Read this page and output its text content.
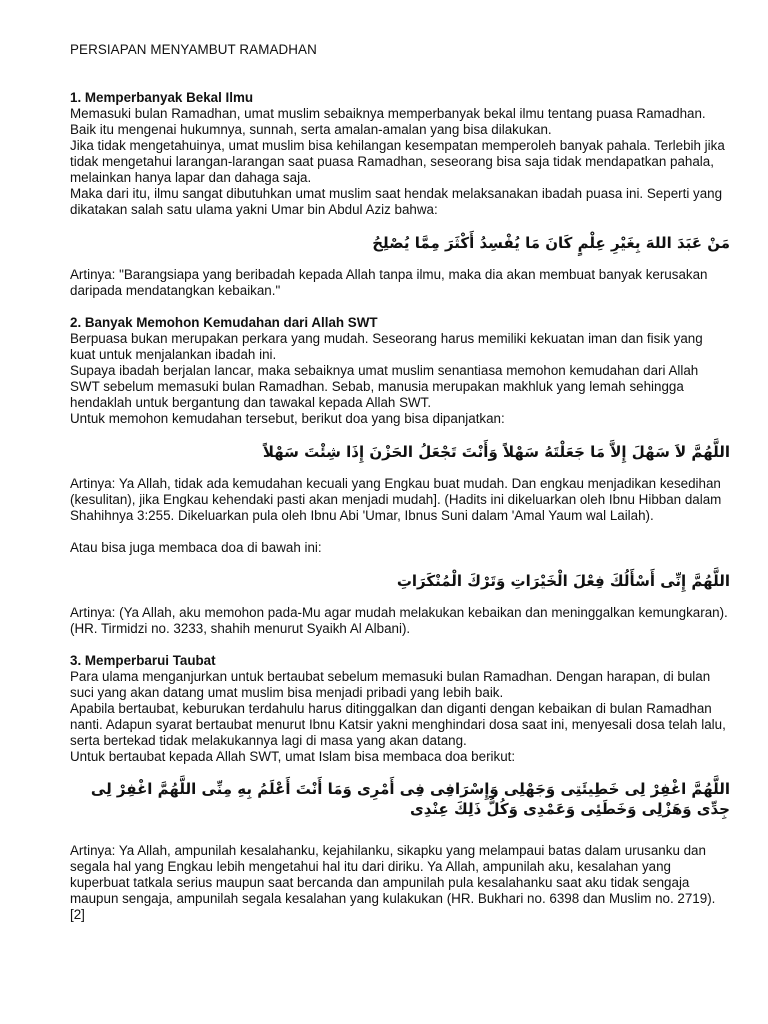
PERSIAPAN MENYAMBUT RAMADHAN

1. Memperbanyak Bekal Ilmu

Memasuki bulan Ramadhan, umat muslim sebaiknya memperbanyak bekal ilmu tentang puasa Ramadhan. Baik itu mengenai hukumnya, sunnah, serta amalan-amalan yang bisa dilakukan.

Jika tidak mengetahuinya, umat muslim bisa kehilangan kesempatan memperoleh banyak pahala. Terlebih jika tidak mengetahui larangan-larangan saat puasa Ramadhan, seseorang bisa saja tidak mendapatkan pahala, melainkan hanya lapar dan dahaga saja.

Maka dari itu, ilmu sangat dibutuhkan umat muslim saat hendak melaksanakan ibadah puasa ini. Seperti yang dikatakan salah satu ulama yakni Umar bin Abdul Aziz bahwa:

مَنْ عَبَدَ اللهَ بِغَيْرِ عِلْمٍ كَانَ مَا يُفْسِدُ أَكْثَرَ مِمَّا يُصْلِحُ

Artinya: "Barangsiapa yang beribadah kepada Allah tanpa ilmu, maka dia akan membuat banyak kerusakan daripada mendatangkan kebaikan."

2. Banyak Memohon Kemudahan dari Allah SWT

Berpuasa bukan merupakan perkara yang mudah. Seseorang harus memiliki kekuatan iman dan fisik yang kuat untuk menjalankan ibadah ini.

Supaya ibadah berjalan lancar, maka sebaiknya umat muslim senantiasa memohon kemudahan dari Allah SWT sebelum memasuki bulan Ramadhan. Sebab, manusia merupakan makhluk yang lemah sehingga hendaklah untuk bergantung dan tawakal kepada Allah SWT.

Untuk memohon kemudahan tersebut, berikut doa yang bisa dipanjatkan:

اللَّهُمَّ لاَ سَهْلَ إِلاَّ مَا جَعَلْتَهُ سَهْلاً وَأَنْتَ تَجْعَلُ الحَزْنَ إِذَا شِئْتَ سَهْلاً

Artinya: Ya Allah, tidak ada kemudahan kecuali yang Engkau buat mudah. Dan engkau menjadikan kesedihan (kesulitan), jika Engkau kehendaki pasti akan menjadi mudah]. (Hadits ini dikeluarkan oleh Ibnu Hibban dalam Shahihnya 3:255. Dikeluarkan pula oleh Ibnu Abi 'Umar, Ibnus Suni dalam 'Amal Yaum wal Lailah).

Atau bisa juga membaca doa di bawah ini:

اللَّهُمَّ إِنِّى أَسْأَلُكَ فِعْلَ الْخَيْرَاتِ وَتَرْكَ الْمُنْكَرَاتِ

Artinya: (Ya Allah, aku memohon pada-Mu agar mudah melakukan kebaikan dan meninggalkan kemungkaran). (HR. Tirmidzi no. 3233, shahih menurut Syaikh Al Albani).

3. Memperbarui Taubat

Para ulama menganjurkan untuk bertaubat sebelum memasuki bulan Ramadhan. Dengan harapan, di bulan suci yang akan datang umat muslim bisa menjadi pribadi yang lebih baik.

Apabila bertaubat, keburukan terdahulu harus ditinggalkan dan diganti dengan kebaikan di bulan Ramadhan nanti. Adapun syarat bertaubat menurut Ibnu Katsir yakni menghindari dosa saat ini, menyesali dosa telah lalu, serta bertekad tidak melakukannya lagi di masa yang akan datang.

Untuk bertaubat kepada Allah SWT, umat Islam bisa membaca doa berikut:

اللَّهُمَّ اغْفِرْ لِى خَطِيئَتِى وَجَهْلِى وَإِسْرَافِى فِى أَمْرِى وَمَا أَنْتَ أَعْلَمُ بِهِ مِنِّى اللَّهُمَّ اغْفِرْ لِى جِدِّى وَهَزْلِى وَخَطَئِى وَعَمْدِى وَكُلُّ ذَلِكَ عِنْدِى

Artinya: Ya Allah, ampunilah kesalahanku, kejahilanku, sikapku yang melampaui batas dalam urusanku dan segala hal yang Engkau lebih mengetahui hal itu dari diriku. Ya Allah, ampunilah aku, kesalahan yang kuperbuat tatkala serius maupun saat bercanda dan ampunilah pula kesalahanku saat aku tidak sengaja maupun sengaja, ampunilah segala kesalahan yang kulakukan (HR. Bukhari no. 6398 dan Muslim no. 2719). [2]
